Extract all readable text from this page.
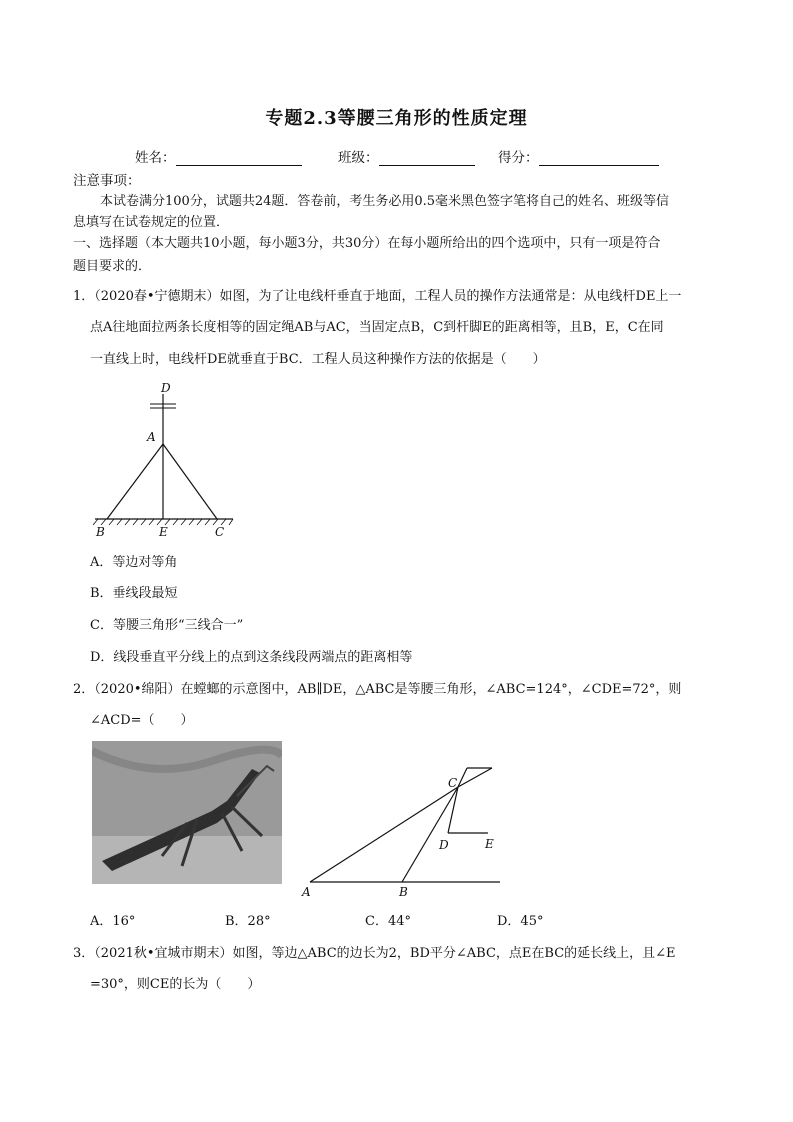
专题2.3等腰三角形的性质定理
姓名：	班级：	得分：
注意事项：
本试卷满分100分，试题共24题．答卷前，考生务必用0.5毫米黑色签字笔将自己的姓名、班级等信
息填写在试卷规定的位置．
一、选择题（本大题共10小题，每小题3分，共30分）在每小题所给出的四个选项中，只有一项是符合
题目要求的．
1．（2020春•宁德期末）如图，为了让电线杆垂直于地面，工程人员的操作方法通常是：从电线杆DE上一
点A往地面拉两条长度相等的固定绳AB与AC，当固定点B，C到杆脚E的距离相等，且B，E，C在同
一直线上时，电线杆DE就垂直于BC．工程人员这种操作方法的依据是（　　）
D
A
B	E	C
A．等边对等角
B．垂线段最短
C．等腰三角形“三线合一”
D．线段垂直平分线上的点到这条线段两端点的距离相等
2．（2020•绵阳）在螳螂的示意图中，AB∥DE，△ABC是等腰三角形，∠ABC=124°，∠CDE=72°，则
∠ACD=（　　）
C
D	E
A	B
A．16°	B．28°	C．44°	D．45°
3．（2021秋•宜城市期末）如图，等边△ABC的边长为2，BD平分∠ABC，点E在BC的延长线上，且∠E
=30°，则CE的长为（　　）
